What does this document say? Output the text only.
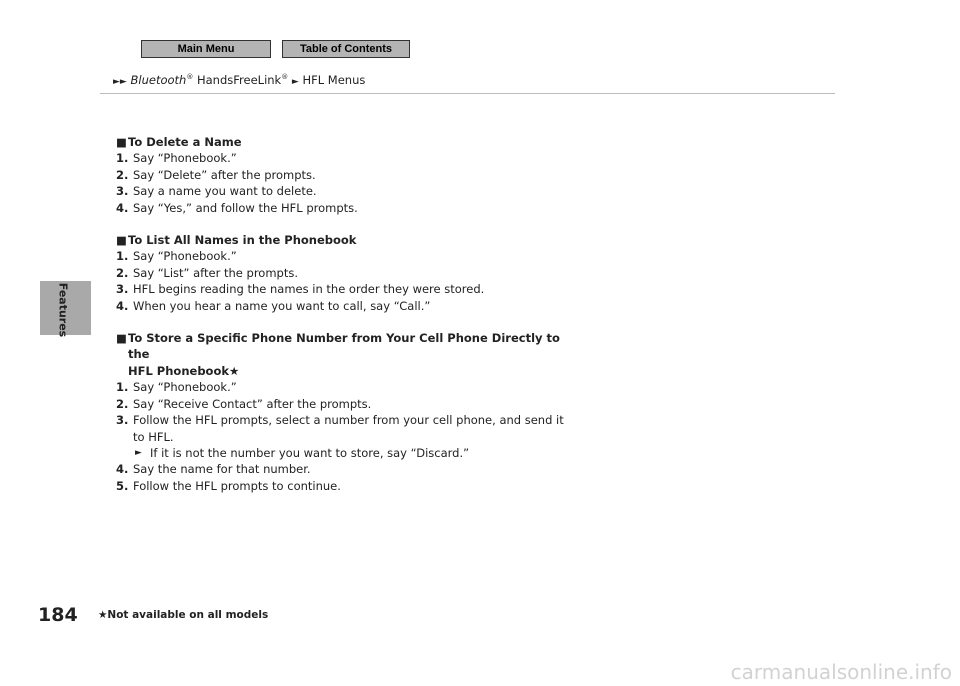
Main Menu	Table of Contents
►► Bluetooth® HandsFreeLink® ► HFL Menus
Features
■ To Delete a Name
1. Say “Phonebook.”
2. Say “Delete” after the prompts.
3. Say a name you want to delete.
4. Say “Yes,” and follow the HFL prompts.
■ To List All Names in the Phonebook
1. Say “Phonebook.”
2. Say “List” after the prompts.
3. HFL begins reading the names in the order they were stored.
4. When you hear a name you want to call, say “Call.”
■ To Store a Specific Phone Number from Your Cell Phone Directly to the
HFL Phonebook★
1. Say “Phonebook.”
2. Say “Receive Contact” after the prompts.
3. Follow the HFL prompts, select a number from your cell phone, and send it to HFL.
► If it is not the number you want to store, say “Discard.”
4. Say the name for that number.
5. Follow the HFL prompts to continue.
184 ★Not available on all models
carmanualsonline.info
